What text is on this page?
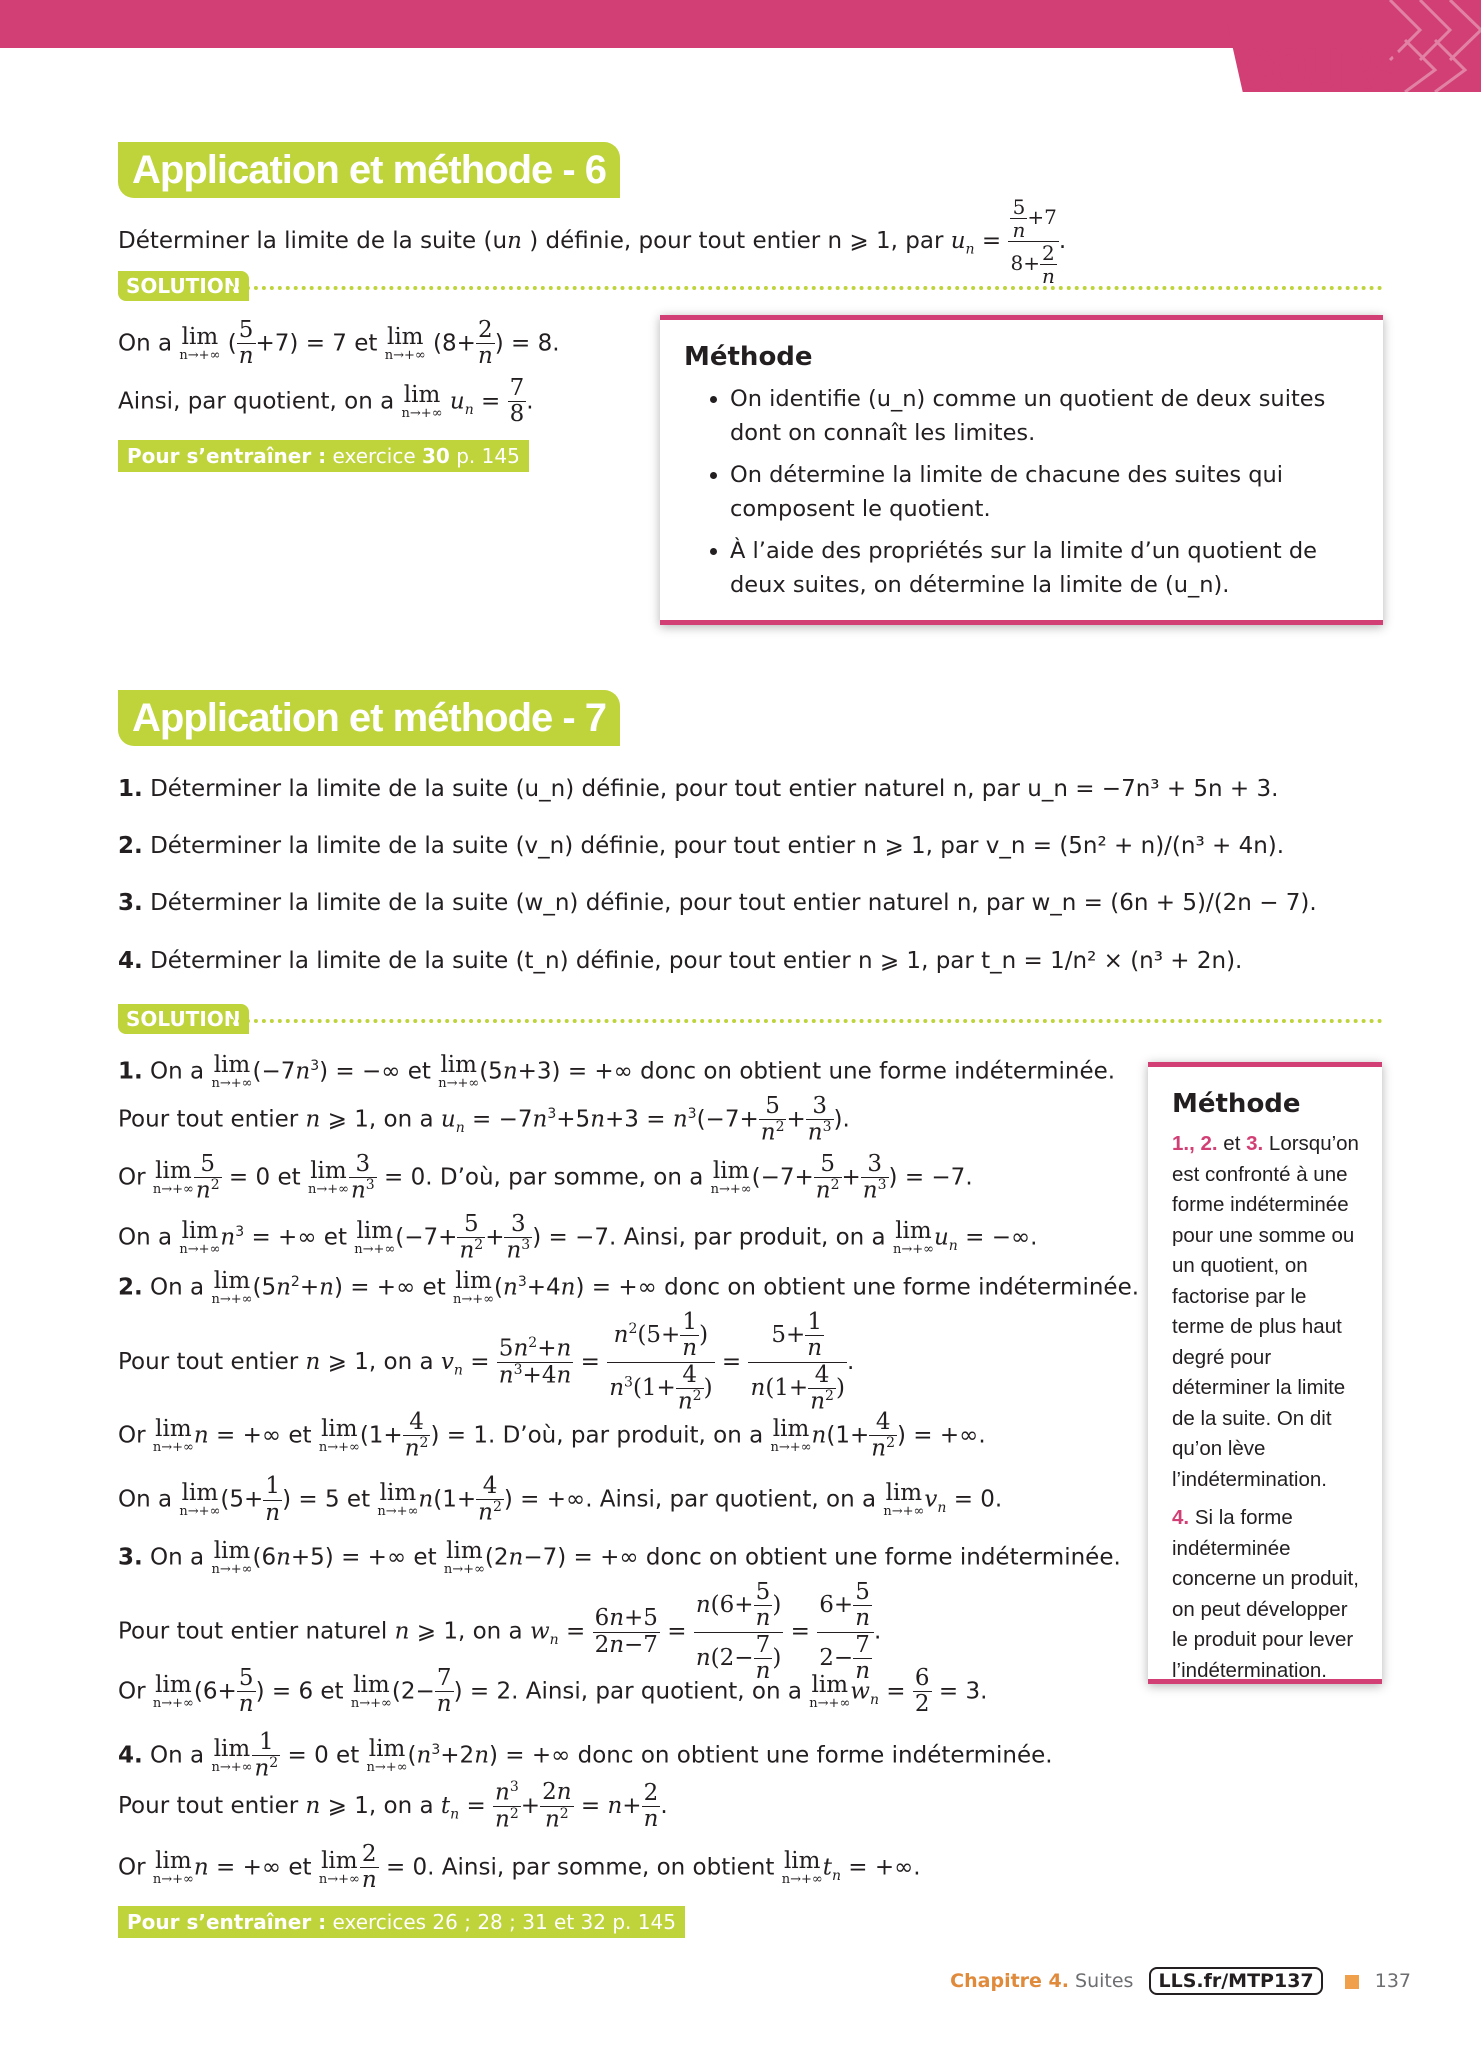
COURS
Application et méthode - 6
Déterminer la limite de la suite (un ) définie, pour tout entier n ⩾ 1, par $u_n = \frac{\frac{5}{n} +7}{8+ \frac{2}{n}}$ .
SOLUTION
On a lim
n→+∞ ( $\frac{5}{n} +7) = 7$ et lim
n→+∞ ($8+ \frac{2}{n}$ ) = 8.
Ainsi, par quotient, on a lim
n→+∞ $u_n = \frac{7}{8}$ .
Pour s’entraîner : exercice 30 p. 145
Méthode
• On identifie (u_n) comme un quotient de deux suites dont on connaît les limites.
• On détermine la limite de chacune des suites qui composent le quotient.
• À l’aide des propriétés sur la limite d’un quotient de deux suites, on détermine la limite de (u_n).
Application et méthode - 7
1. Déterminer la limite de la suite (u_n) définie, pour tout entier naturel n, par u_n = −7n³ + 5n + 3.
2. Déterminer la limite de la suite (v_n) définie, pour tout entier n ⩾ 1, par v_n = (5n² + n)/(n³ + 4n).
3. Déterminer la limite de la suite (w_n) définie, pour tout entier naturel n, par w_n = (6n + 5)/(2n − 7).
4. Déterminer la limite de la suite (t_n) définie, pour tout entier n ⩾ 1, par t_n = 1/n² × (n³ + 2n).
SOLUTION
1. On a lim
n→+∞ $(-7n^3)$ = −∞ et lim
n→+∞ (5n+3) = +∞ donc on obtient une forme indéterminée.
Pour tout entier n ⩾ 1, on a $u_n = -7n^3+5n+3 = n^3(-7+ \frac{5}{n^2} + \frac{3}{n^3}$ ).
Or lim
$n\to+\infty \frac{5}{n^2} = 0$ et lim
$n\to+\infty \frac{3}{n^3} = 0$. D’où, par somme, on a lim
n→+∞ ($-7+ \frac{5}{n^2} + \frac{3}{n^3}$ ) = −7.
On a lim
n→+∞ $n^3$ = +∞ et lim
n→+∞ ($-7+ \frac{5}{n^2} + \frac{3}{n^3}$ ) = −7. Ainsi, par produit, on a lim
n→+∞ $u_n$ = −∞.
2. On a lim
n→+∞ $(5n^2+n)$ = +∞ et lim
n→+∞ $(n^3+4n)$ = +∞ donc on obtient une forme indéterminée.
Pour tout entier n ⩾ 1, on a $v_n = \frac{5n^2+n}{n^3+4n} = \frac{n^2(5+ \frac{1}{n} )}{n^3(1+ \frac{4}{n^2} )} = \frac{5+ \frac{1}{n}}{n(1+ \frac{4}{n^2} )}$ .
Or lim
n→+∞ n = +∞ et lim
n→+∞ ($1+ \frac{4}{n^2}$ ) = 1. D’où, par produit, on a lim
n→+∞ $n(1+ \frac{4}{n^2}$ ) = +∞.
On a lim
n→+∞ ($5+ \frac{1}{n}$ ) = 5 et lim
n→+∞ $n(1+ \frac{4}{n^2}$ ) = +∞. Ainsi, par quotient, on a lim
n→+∞ $v_n = 0$.
3. On a lim
n→+∞ (6n+5) = +∞ et lim
n→+∞ (2n−7) = +∞ donc on obtient une forme indéterminée.
Pour tout entier naturel n ⩾ 1, on a $w_n = \frac{6n+5}{2n-7} = \frac{n(6+ \frac{5}{n} )}{n(2- \frac{7}{n} )} = \frac{6+ \frac{5}{n}}{2- \frac{7}{n}}$ .
Or lim
n→+∞ ($6+ \frac{5}{n}$ ) = 6 et lim
n→+∞ ($2- \frac{7}{n}$ ) = 2. Ainsi, par quotient, on a lim
n→+∞ $w_n = \frac{6}{2} = 3$.
4. On a lim
$n\to+\infty \frac{1}{n^2} = 0$ et lim
n→+∞ $(n^3+2n)$ = +∞ donc on obtient une forme indéterminée.
Pour tout entier n ⩾ 1, on a $t_n = \frac{n^3}{n^2} + \frac{2n}{n^2} = n+ \frac{2}{n}$ .
Or lim
n→+∞ n = +∞ et lim
$n\to+\infty \frac{2}{n} = 0$. Ainsi, par somme, on obtient lim
n→+∞ $t_n$ = +∞.
Pour s’entraîner : exercices 26 ; 28 ; 31 et 32 p. 145
Méthode
1., 2. et 3. Lorsqu’on est confronté à une forme indéterminée pour une somme ou un quotient, on factorise par le terme de plus haut degré pour déterminer la limite de la suite. On dit qu’on lève l’indétermination.
4. Si la forme indéterminée concerne un produit, on peut développer le produit pour lever l’indétermination.
Chapitre 4. Suites LLS.fr/MTP137	137
